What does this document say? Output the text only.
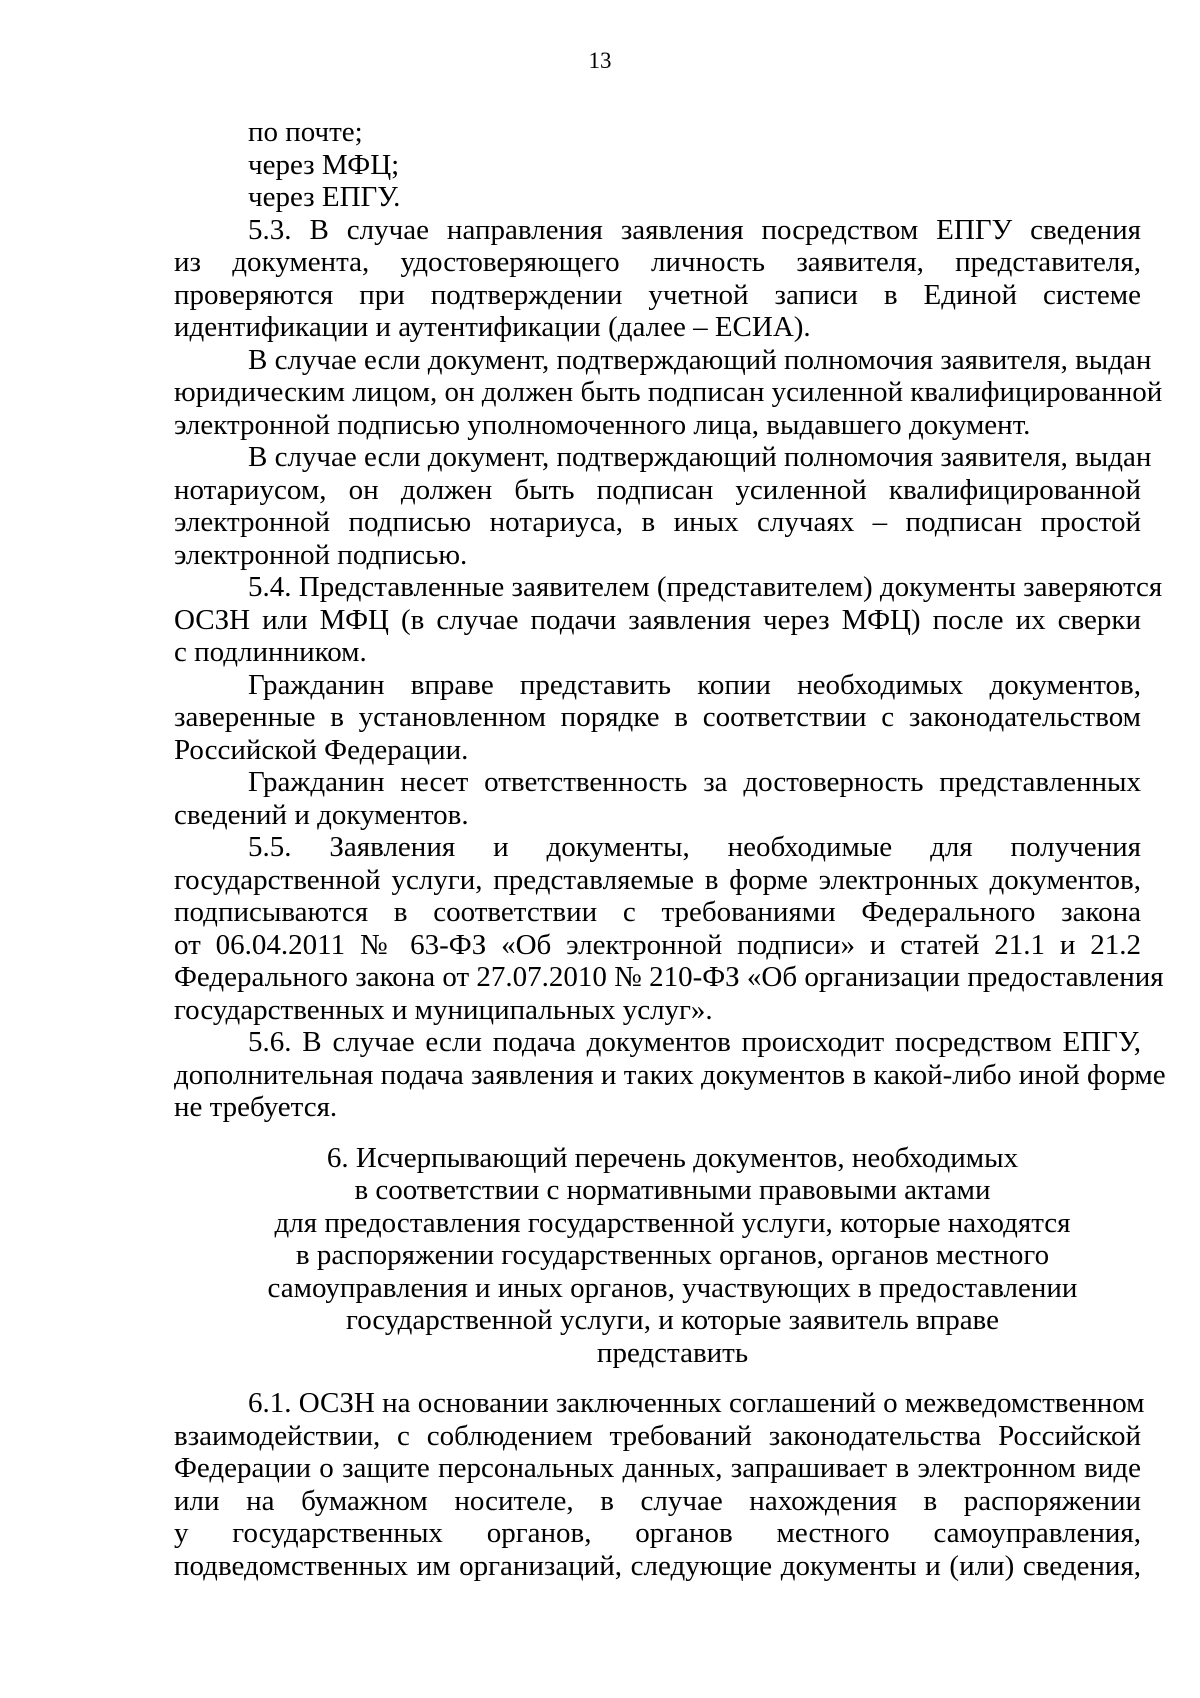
13
по почте;
через МФЦ;
через ЕПГУ.
5.3. В случае направления заявления посредством ЕПГУ сведения
из документа, удостоверяющего личность заявителя, представителя,
проверяются при подтверждении учетной записи в Единой системе
идентификации и аутентификации (далее – ЕСИА).
В случае если документ, подтверждающий полномочия заявителя, выдан
юридическим лицом, он должен быть подписан усиленной квалифицированной
электронной подписью уполномоченного лица, выдавшего документ.
В случае если документ, подтверждающий полномочия заявителя, выдан
нотариусом, он должен быть подписан усиленной квалифицированной
электронной подписью нотариуса, в иных случаях – подписан простой
электронной подписью.
5.4. Представленные заявителем (представителем) документы заверяются
ОСЗН или МФЦ (в случае подачи заявления через МФЦ) после их сверки
с подлинником.
Гражданин вправе представить копии необходимых документов,
заверенные в установленном порядке в соответствии с законодательством
Российской Федерации.
Гражданин несет ответственность за достоверность представленных
сведений и документов.
5.5. Заявления и документы, необходимые для получения
государственной услуги, представляемые в форме электронных документов,
подписываются в соответствии с требованиями Федерального закона
от 06.04.2011 № 63-ФЗ «Об электронной подписи» и статей 21.1 и 21.2
Федерального закона от 27.07.2010 № 210-ФЗ «Об организации предоставления
государственных и муниципальных услуг».
5.6. В случае если подача документов происходит посредством ЕПГУ,
дополнительная подача заявления и таких документов в какой-либо иной форме
не требуется.
6. Исчерпывающий перечень документов, необходимых
в соответствии с нормативными правовыми актами
для предоставления государственной услуги, которые находятся
в распоряжении государственных органов, органов местного
самоуправления и иных органов, участвующих в предоставлении
государственной услуги, и которые заявитель вправе
представить
6.1. ОСЗН на основании заключенных соглашений о межведомственном
взаимодействии, с соблюдением требований законодательства Российской
Федерации о защите персональных данных, запрашивает в электронном виде
или на бумажном носителе, в случае нахождения в распоряжении
у государственных органов, органов местного самоуправления,
подведомственных им организаций, следующие документы и (или) сведения,
